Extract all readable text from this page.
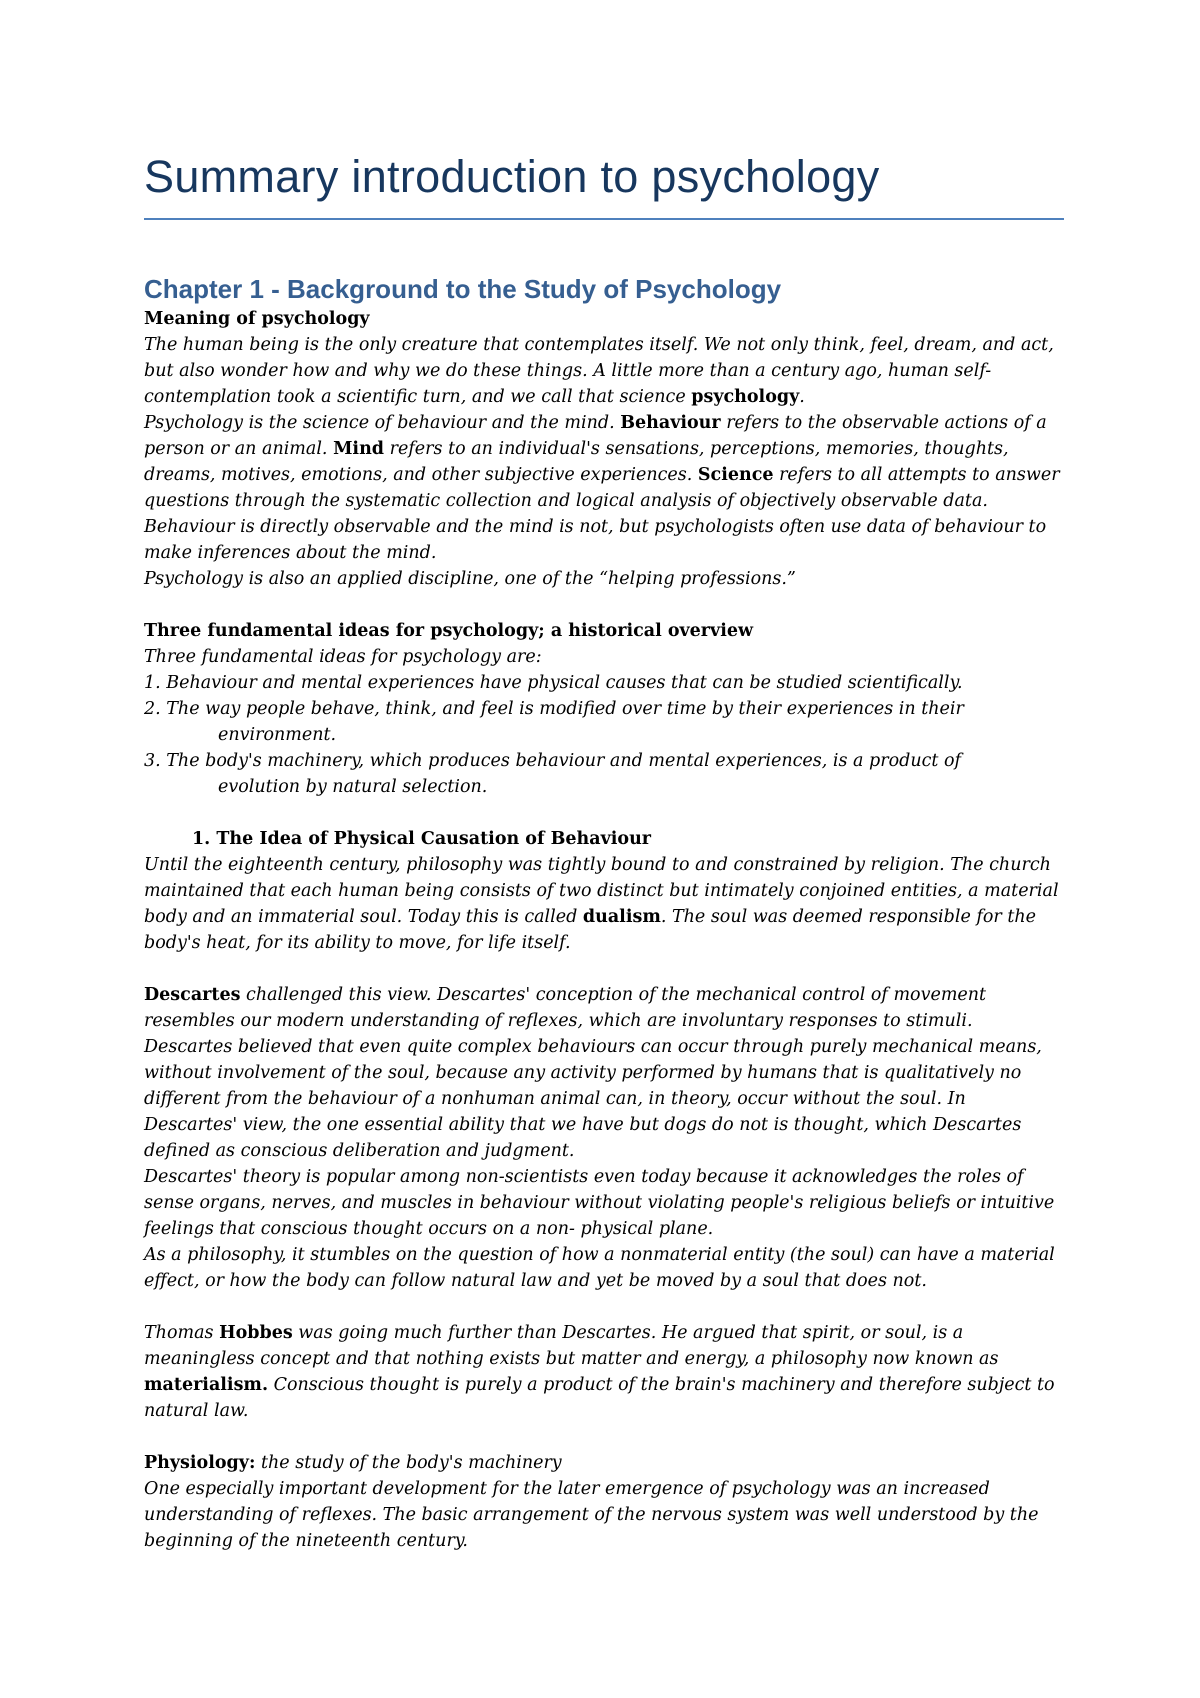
Summary introduction to psychology
Chapter 1 - Background to the Study of Psychology
Meaning of psychology

The human being is the only creature that contemplates itself. We not only think, feel, dream, and act, but also wonder how and why we do these things. A little more than a century ago, human self-contemplation took a scientific turn, and we call that science psychology.

Psychology is the science of behaviour and the mind. Behaviour refers to the observable actions of a person or an animal. Mind refers to an individual's sensations, perceptions, memories, thoughts, dreams, motives, emotions, and other subjective experiences. Science refers to all attempts to answer questions through the systematic collection and logical analysis of objectively observable data. Behaviour is directly observable and the mind is not, but psychologists often use data of behaviour to make inferences about the mind.

Psychology is also an applied discipline, one of the “helping professions.”

Three fundamental ideas for psychology; a historical overview

Three fundamental ideas for psychology are:

1. Behaviour and mental experiences have physical causes that can be studied scientifically.

2. The way people behave, think, and feel is modified over time by their experiences in their

environment.

3. The body's machinery, which produces behaviour and mental experiences, is a product of

evolution by natural selection.

1. The Idea of Physical Causation of Behaviour

Until the eighteenth century, philosophy was tightly bound to and constrained by religion. The church maintained that each human being consists of two distinct but intimately conjoined entities, a material body and an immaterial soul. Today this is called dualism. The soul was deemed responsible for the body's heat, for its ability to move, for life itself.

Descartes challenged this view. Descartes' conception of the mechanical control of movement resembles our modern understanding of reflexes, which are involuntary responses to stimuli. Descartes believed that even quite complex behaviours can occur through purely mechanical means, without involvement of the soul, because any activity performed by humans that is qualitatively no different from the behaviour of a nonhuman animal can, in theory, occur without the soul. In Descartes' view, the one essential ability that we have but dogs do not is thought, which Descartes defined as conscious deliberation and judgment.

Descartes' theory is popular among non-scientists even today because it acknowledges the roles of sense organs, nerves, and muscles in behaviour without violating people's religious beliefs or intuitive feelings that conscious thought occurs on a non- physical plane.

As a philosophy, it stumbles on the question of how a nonmaterial entity (the soul) can have a material effect, or how the body can follow natural law and yet be moved by a soul that does not.

Thomas Hobbes was going much further than Descartes. He argued that spirit, or soul, is a meaningless concept and that nothing exists but matter and energy, a philosophy now known as materialism. Conscious thought is purely a product of the brain's machinery and therefore subject to natural law.

Physiology: the study of the body's machinery

One especially important development for the later emergence of psychology was an increased understanding of reflexes. The basic arrangement of the nervous system was well understood by the beginning of the nineteenth century.
